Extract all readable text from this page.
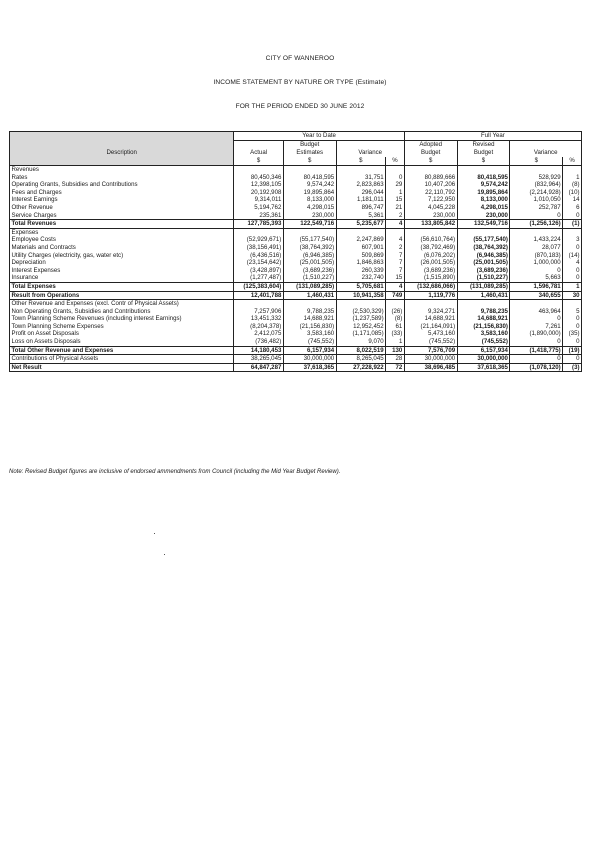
CITY OF WANNEROO
INCOME STATEMENT BY NATURE OR TYPE (Estimate)
FOR THE PERIOD ENDED 30 JUNE 2012
	Year to Date				Full Year			
		Budget			Adopted	Revised		
Description	Actual	Estimates	Variance		Budget	Budget	Variance	
	$	$	$	%	$	$	$	%
Revenues								
Rates	80,450,346	80,418,595	31,751	0	80,889,666	80,418,595	528,929	1
Operating Grants, Subsidies and Contributions	12,398,105	9,574,242	2,823,863	29	10,407,206	9,574,242	(832,964)	(8)
Fees and Charges	20,192,908	19,895,864	296,044	1	22,110,792	19,895,864	(2,214,928)	(10)
Interest Earnings	9,314,011	8,133,000	1,181,011	15	7,122,950	8,133,000	1,010,050	14
Other Revenue	5,194,762	4,298,015	896,747	21	4,045,228	4,298,015	252,787	6
Service Charges	235,361	230,000	5,361	2	230,000	230,000	0	0
Total Revenues	127,785,393	122,549,716	5,235,677	4	133,805,842	132,549,716	(1,256,126)	(1)
Expenses								
Employee Costs	(52,929,671)	(55,177,540)	2,247,869	4	(56,610,764)	(55,177,540)	1,433,224	3
Materials and Contracts	(38,156,491)	(38,764,392)	607,901	2	(38,792,469)	(38,764,392)	28,077	0
Utility Charges (electricity, gas, water etc)	(6,436,516)	(6,946,385)	509,869	7	(6,076,202)	(6,946,385)	(870,183)	(14)
Depreciation	(23,154,642)	(25,001,505)	1,846,863	7	(26,001,505)	(25,001,505)	1,000,000	4
Interest Expenses	(3,428,897)	(3,689,236)	260,339	7	(3,689,236)	(3,689,236)	0	0
Insurance	(1,277,487)	(1,510,227)	232,740	15	(1,515,890)	(1,510,227)	5,663	0
Total Expenses	(125,383,604)	(131,089,285)	5,705,681	4	(132,686,066)	(131,089,285)	1,596,781	1
Result from Operations	12,401,788	1,460,431	10,941,358	749	1,119,776	1,460,431	340,655	30
Other Revenue and Expenses (excl. Contr of Physical Assets)								
Non Operating Grants, Subsidies and Contributions	7,257,906	9,788,235	(2,530,329)	(26)	9,324,271	9,788,235	463,964	5
Town Planning Scheme Revenues (including interest Earnings)	13,451,332	14,688,921	(1,237,589)	(8)	14,688,921	14,688,921	0	0
Town Planning Scheme Expenses	(8,204,378)	(21,156,830)	12,952,452	61	(21,164,091)	(21,156,830)	7,261	0
Profit on Asset Disposals	2,412,075	3,583,160	(1,171,085)	(33)	5,473,160	3,583,160	(1,890,000)	(35)
Loss on Assets Disposals	(736,482)	(745,552)	9,070	1	(745,552)	(745,552)	0	0
Total Other Revenue and Expenses	14,180,453	6,157,934	8,022,519	130	7,576,709	6,157,934	(1,418,775)	(19)
Contributions of Physical Assets	38,265,045	30,000,000	8,265,045	28	30,000,000	30,000,000	0	0
Net Result	64,847,287	37,618,365	27,228,922	72	38,696,485	37,618,365	(1,078,120)	(3)
Note: Revised Budget figures are inclusive of endorsed ammendments from Council (including the Mid Year Budget Review).
